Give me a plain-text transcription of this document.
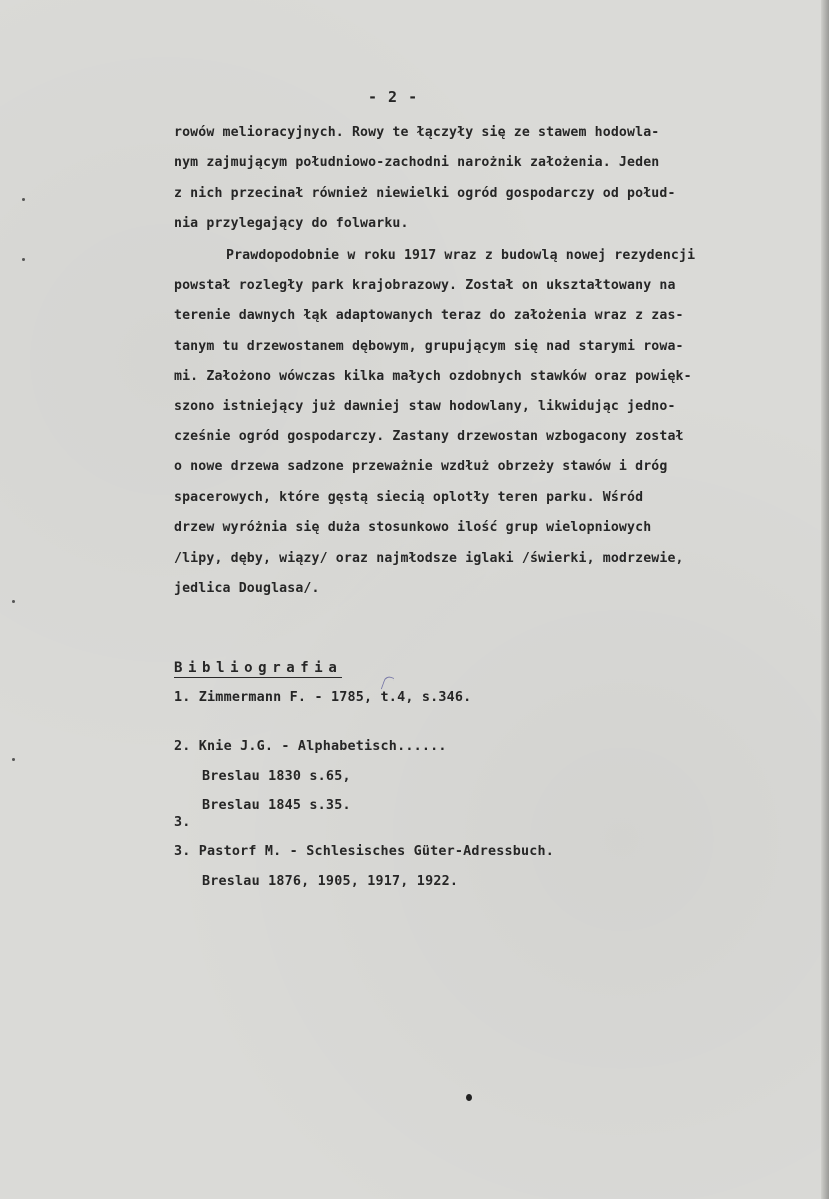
- 2 -
rowów melioracyjnych. Rowy te łączyły się ze stawem hodowla-
nym zajmującym południowo-zachodni narożnik założenia. Jeden
z nich przecinał również niewielki ogród gospodarczy od połud-
nia przylegający do folwarku.
Prawdopodobnie w roku 1917 wraz z budowlą nowej rezydencji
powstał rozległy park krajobrazowy. Został on ukształtowany na
terenie dawnych łąk adaptowanych teraz do założenia wraz z zas-
tanym tu drzewostanem dębowym, grupującym się nad starymi rowa-
mi. Założono wówczas kilka małych ozdobnych stawków oraz powięk-
szono istniejący już dawniej staw hodowlany, likwidując jedno-
cześnie ogród gospodarczy. Zastany drzewostan wzbogacony został
o nowe drzewa sadzone przeważnie wzdłuż obrzeży stawów i dróg
spacerowych, które gęstą siecią oplotły teren parku. Wśród
drzew wyróżnia się duża stosunkowo ilość grup wielopniowych
/lipy, dęby, wiązy/ oraz najmłodsze iglaki /świerki, modrzewie,
jedlica Douglasa/.
Bibliografia
1. Zimmermann F. - 1785, t.4, s.346.
2. Knie J.G. - Alphabetisch......
Breslau 1830 s.65,
Breslau 1845 s.35.
3.
3. Pastorf M. - Schlesisches Güter-Adressbuch.
Breslau 1876, 1905, 1917, 1922.
